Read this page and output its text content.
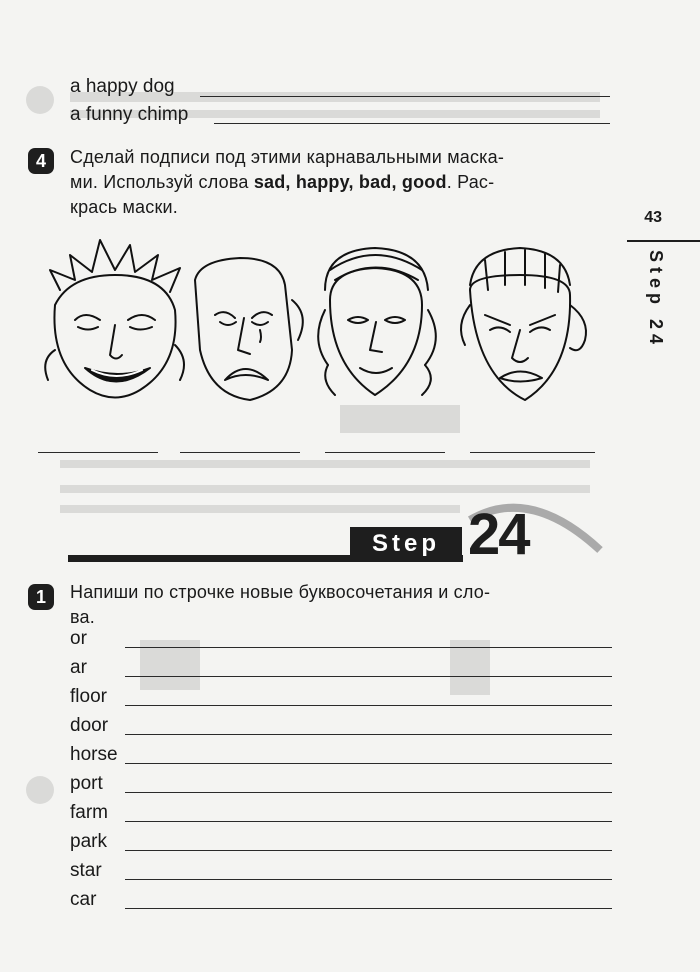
a happy dog
a funny chimp
43
Step 24
4	Сделай подписи под этими карнавальными маска-
ми. Используй слова sad, happy, bad, good. Рас-
крась маски.
Step 24
1	Напиши по строчке новые буквосочетания и сло-
ва.
or
ar
floor
door
horse
port
farm
park
star
car
